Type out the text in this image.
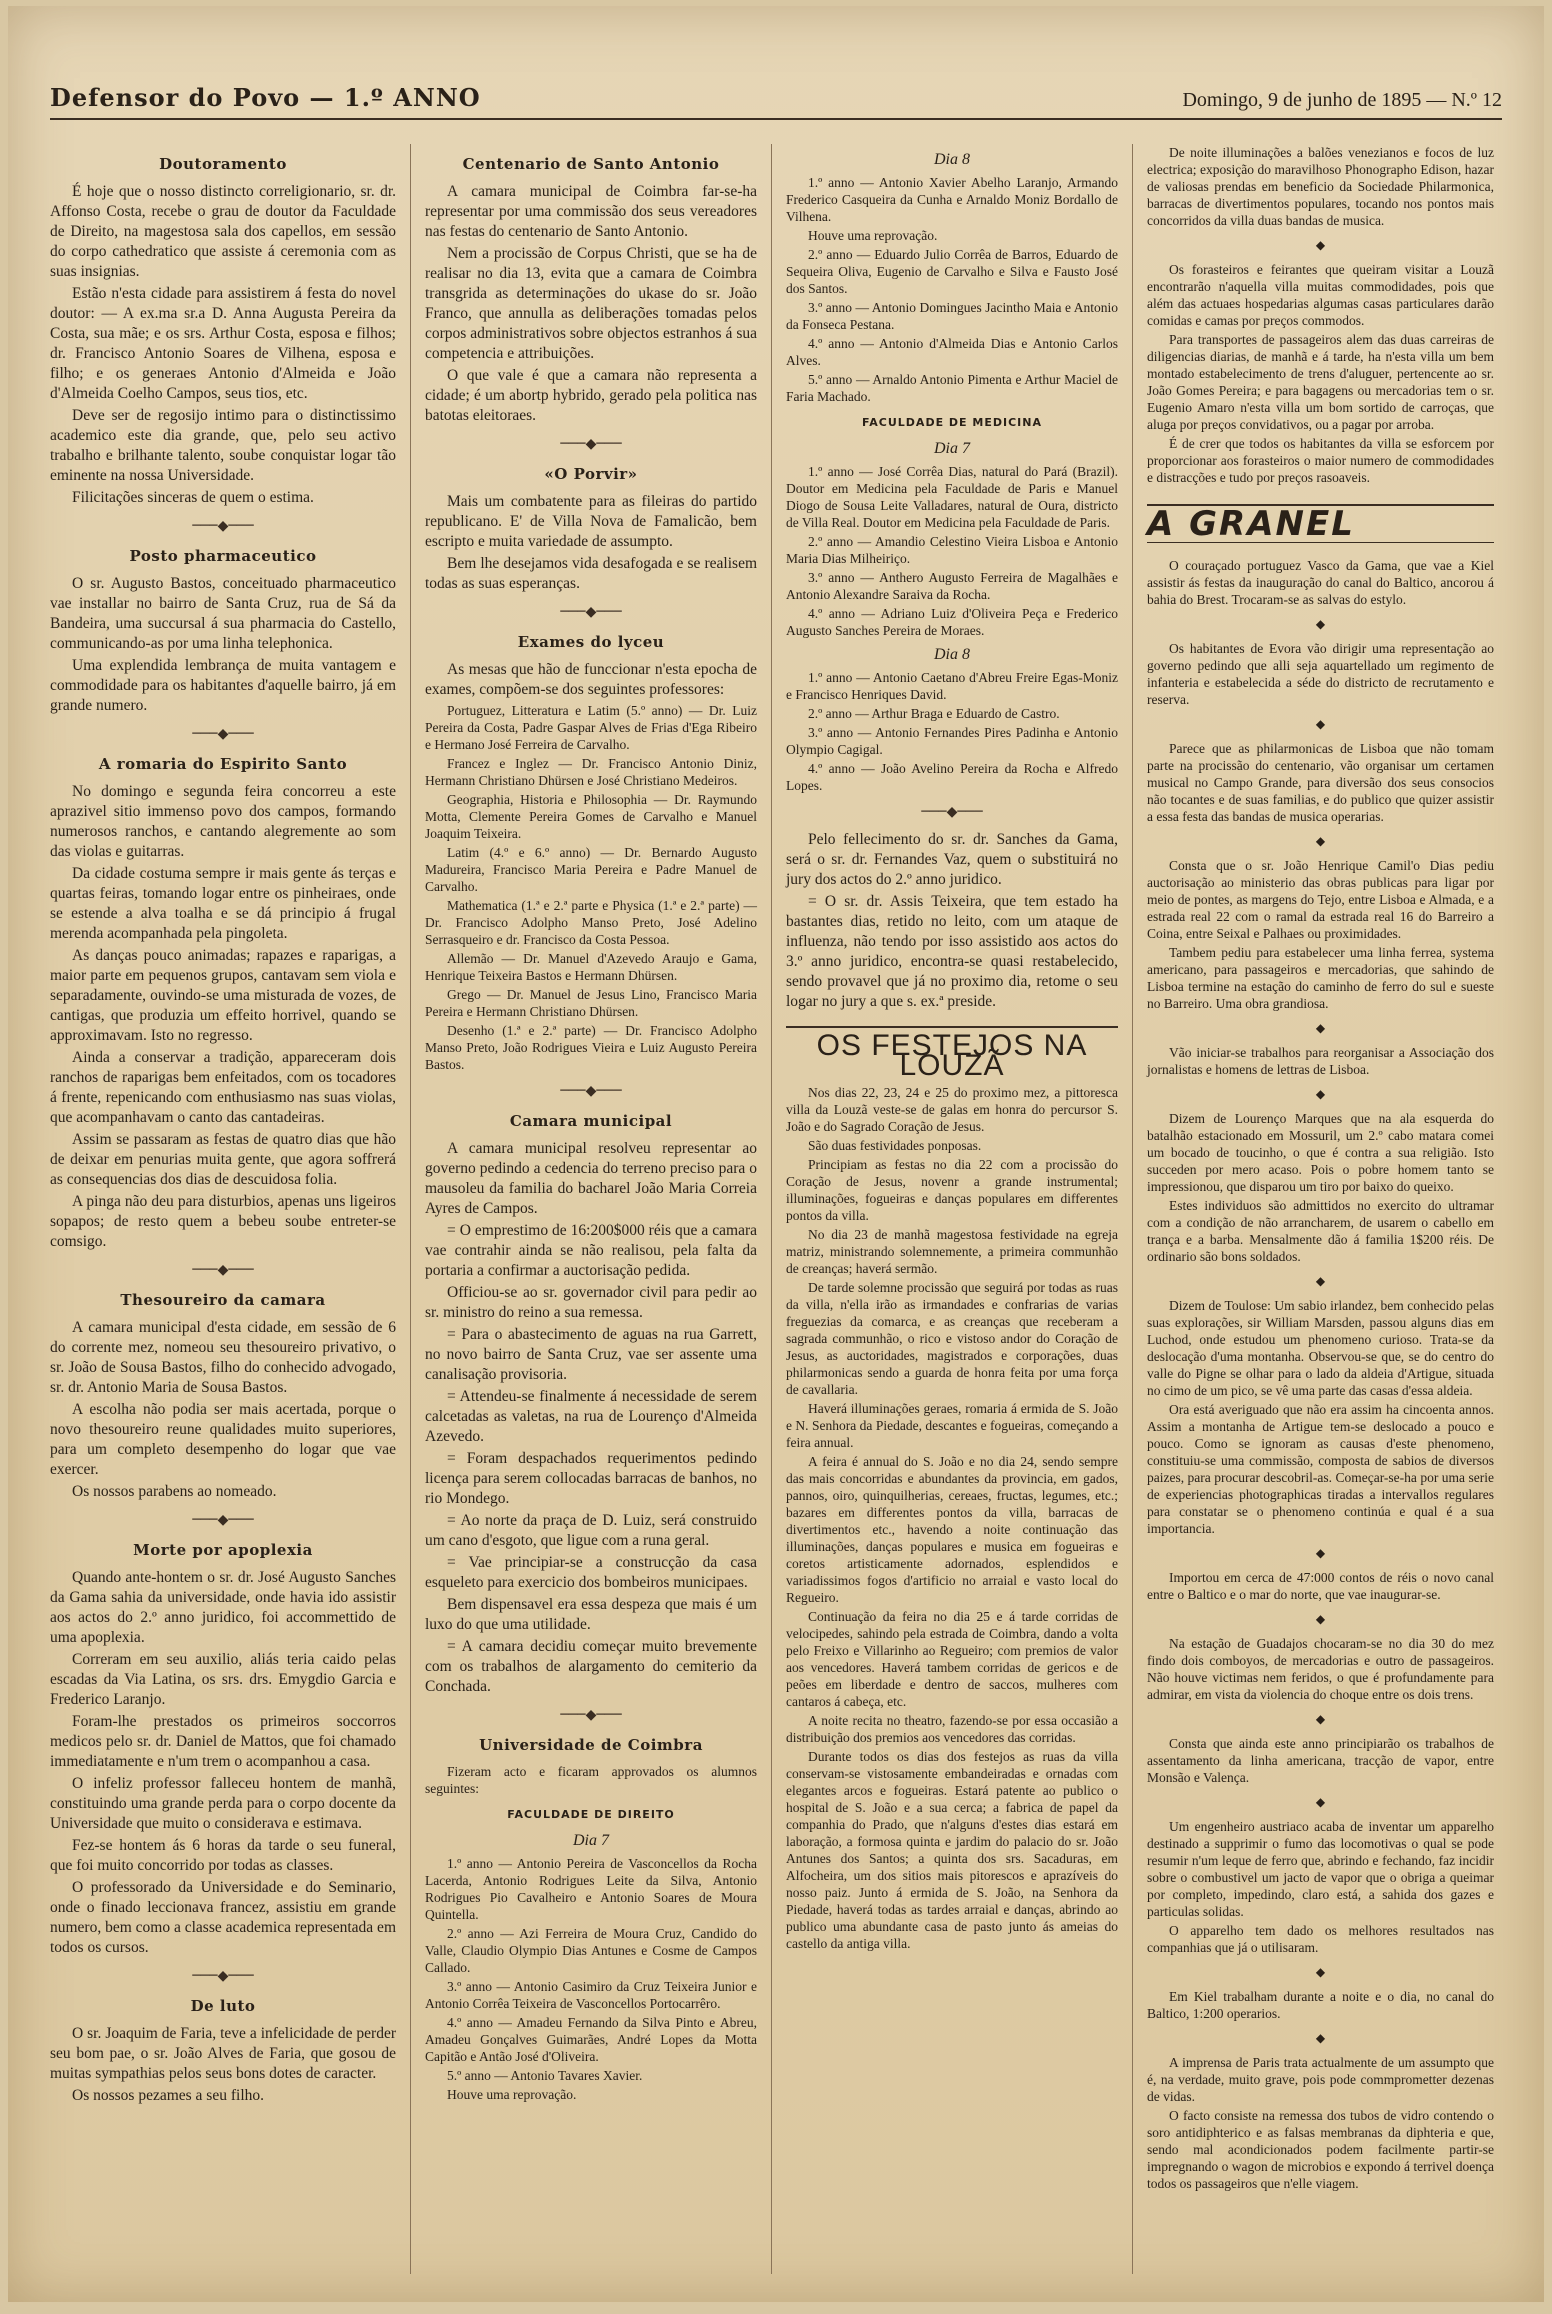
Defensor do Povo — 1.º ANNO	Domingo, 9 de junho de 1895 — N.º 12
Doutoramento

É hoje que o nosso distincto correligionario, sr. dr. Affonso Costa, recebe o grau de doutor da Faculdade de Direito, na magestosa sala dos capellos, em sessão do corpo cathedratico que assiste á ceremonia com as suas insignias.

Estão n'esta cidade para assistirem á festa do novel doutor: — A ex.ma sr.a D. Anna Augusta Pereira da Costa, sua mãe; e os srs. Arthur Costa, esposa e filhos; dr. Francisco Antonio Soares de Vilhena, esposa e filho; e os generaes Antonio d'Almeida e João d'Almeida Coelho Campos, seus tios, etc.

Deve ser de regosijo intimo para o distinctissimo academico este dia grande, que, pelo seu activo trabalho e brilhante talento, soube conquistar logar tão eminente na nossa Universidade.

Filicitações sinceras de quem o estima.

───◆───
Posto pharmaceutico

O sr. Augusto Bastos, conceituado pharmaceutico vae installar no bairro de Santa Cruz, rua de Sá da Bandeira, uma succursal á sua pharmacia do Castello, communicando-as por uma linha telephonica.

Uma explendida lembrança de muita vantagem e commodidade para os habitantes d'aquelle bairro, já em grande numero.

───◆───
A romaria do Espirito Santo

No domingo e segunda feira concorreu a este aprazivel sitio immenso povo dos campos, formando numerosos ranchos, e cantando alegremente ao som das violas e guitarras.

Da cidade costuma sempre ir mais gente ás terças e quartas feiras, tomando logar entre os pinheiraes, onde se estende a alva toalha e se dá principio á frugal merenda acompanhada pela pingoleta.

As danças pouco animadas; rapazes e raparigas, a maior parte em pequenos grupos, cantavam sem viola e separadamente, ouvindo-se uma misturada de vozes, de cantigas, que produzia um effeito horrivel, quando se approximavam. Isto no regresso.

Ainda a conservar a tradição, appareceram dois ranchos de raparigas bem enfeitados, com os tocadores á frente, repenicando com enthusiasmo nas suas violas, que acompanhavam o canto das cantadeiras.

Assim se passaram as festas de quatro dias que hão de deixar em penurias muita gente, que agora soffrerá as consequencias dos dias de descuidosa folia.

A pinga não deu para disturbios, apenas uns ligeiros sopapos; de resto quem a bebeu soube entreter-se comsigo.

───◆───
Thesoureiro da camara

A camara municipal d'esta cidade, em sessão de 6 do corrente mez, nomeou seu thesoureiro privativo, o sr. João de Sousa Bastos, filho do conhecido advogado, sr. dr. Antonio Maria de Sousa Bastos.

A escolha não podia ser mais acertada, porque o novo thesoureiro reune qualidades muito superiores, para um completo desempenho do logar que vae exercer.

Os nossos parabens ao nomeado.

───◆───
Morte por apoplexia

Quando ante-hontem o sr. dr. José Augusto Sanches da Gama sahia da universidade, onde havia ido assistir aos actos do 2.º anno juridico, foi accommettido de uma apoplexia.

Correram em seu auxilio, aliás teria caido pelas escadas da Via Latina, os srs. drs. Emygdio Garcia e Frederico Laranjo.

Foram-lhe prestados os primeiros soccorros medicos pelo sr. dr. Daniel de Mattos, que foi chamado immediatamente e n'um trem o acompanhou a casa.

O infeliz professor falleceu hontem de manhã, constituindo uma grande perda para o corpo docente da Universidade que muito o considerava e estimava.

Fez-se hontem ás 6 horas da tarde o seu funeral, que foi muito concorrido por todas as classes.

O professorado da Universidade e do Seminario, onde o finado leccionava francez, assistiu em grande numero, bem como a classe academica representada em todos os cursos.

───◆───
De luto

O sr. Joaquim de Faria, teve a infelicidade de perder seu bom pae, o sr. João Alves de Faria, que gosou de muitas sympathias pelos seus bons dotes de caracter.

Os nossos pezames a seu filho.

Centenario de Santo Antonio

A camara municipal de Coimbra far-se-ha representar por uma commissão dos seus vereadores nas festas do centenario de Santo Antonio.

Nem a procissão de Corpus Christi, que se ha de realisar no dia 13, evita que a camara de Coimbra transgrida as determinações do ukase do sr. João Franco, que annulla as deliberações tomadas pelos corpos administrativos sobre objectos estranhos á sua competencia e attribuições.

O que vale é que a camara não representa a cidade; é um abortp hybrido, gerado pela politica nas batotas eleitoraes.

───◆───
«O Porvir»

Mais um combatente para as fileiras do partido republicano. E' de Villa Nova de Famalicão, bem escripto e muita variedade de assumpto.

Bem lhe desejamos vida desafogada e se realisem todas as suas esperanças.

───◆───
Exames do lyceu

As mesas que hão de funccionar n'esta epocha de exames, compõem-se dos seguintes professores:

Portuguez, Litteratura e Latim (5.º anno) — Dr. Luiz Pereira da Costa, Padre Gaspar Alves de Frias d'Ega Ribeiro e Hermano José Ferreira de Carvalho.

Francez e Inglez — Dr. Francisco Antonio Diniz, Hermann Christiano Dhürsen e José Christiano Medeiros.

Geographia, Historia e Philosophia — Dr. Raymundo Motta, Clemente Pereira Gomes de Carvalho e Manuel Joaquim Teixeira.

Latim (4.º e 6.º anno) — Dr. Bernardo Augusto Madureira, Francisco Maria Pereira e Padre Manuel de Carvalho.

Mathematica (1.ª e 2.ª parte e Physica (1.ª e 2.ª parte) — Dr. Francisco Adolpho Manso Preto, José Adelino Serrasqueiro e dr. Francisco da Costa Pessoa.

Allemão — Dr. Manuel d'Azevedo Araujo e Gama, Henrique Teixeira Bastos e Hermann Dhürsen.

Grego — Dr. Manuel de Jesus Lino, Francisco Maria Pereira e Hermann Christiano Dhürsen.

Desenho (1.ª e 2.ª parte) — Dr. Francisco Adolpho Manso Preto, João Rodrigues Vieira e Luiz Augusto Pereira Bastos.

───◆───
Camara municipal

A camara municipal resolveu representar ao governo pedindo a cedencia do terreno preciso para o mausoleu da familia do bacharel João Maria Correia Ayres de Campos.

= O emprestimo de 16:200$000 réis que a camara vae contrahir ainda se não realisou, pela falta da portaria a confirmar a auctorisação pedida.

Officiou-se ao sr. governador civil para pedir ao sr. ministro do reino a sua remessa.

= Para o abastecimento de aguas na rua Garrett, no novo bairro de Santa Cruz, vae ser assente uma canalisação provisoria.

= Attendeu-se finalmente á necessidade de serem calcetadas as valetas, na rua de Lourenço d'Almeida Azevedo.

= Foram despachados requerimentos pedindo licença para serem collocadas barracas de banhos, no rio Mondego.

= Ao norte da praça de D. Luiz, será construido um cano d'esgoto, que ligue com a runa geral.

= Vae principiar-se a construcção da casa esqueleto para exercicio dos bombeiros municipaes.

Bem dispensavel era essa despeza que mais é um luxo do que uma utilidade.

= A camara decidiu começar muito brevemente com os trabalhos de alargamento do cemiterio da Conchada.

───◆───
Universidade de Coimbra

Fizeram acto e ficaram approvados os alumnos seguintes:

FACULDADE DE DIREITO
Dia 7

1.º anno — Antonio Pereira de Vasconcellos da Rocha Lacerda, Antonio Rodrigues Leite da Silva, Antonio Rodrigues Pio Cavalheiro e Antonio Soares de Moura Quintella.

2.º anno — Azi Ferreira de Moura Cruz, Candido do Valle, Claudio Olympio Dias Antunes e Cosme de Campos Callado.

3.º anno — Antonio Casimiro da Cruz Teixeira Junior e Antonio Corrêa Teixeira de Vasconcellos Portocarrêro.

4.º anno — Amadeu Fernando da Silva Pinto e Abreu, Amadeu Gonçalves Guimarães, André Lopes da Motta Capitão e Antão José d'Oliveira.

5.º anno — Antonio Tavares Xavier.

Houve uma reprovação.

Dia 8

1.º anno — Antonio Xavier Abelho Laranjo, Armando Frederico Casqueira da Cunha e Arnaldo Moniz Bordallo de Vilhena.

Houve uma reprovação.

2.º anno — Eduardo Julio Corrêa de Barros, Eduardo de Sequeira Oliva, Eugenio de Carvalho e Silva e Fausto José dos Santos.

3.º anno — Antonio Domingues Jacintho Maia e Antonio da Fonseca Pestana.

4.º anno — Antonio d'Almeida Dias e Antonio Carlos Alves.

5.º anno — Arnaldo Antonio Pimenta e Arthur Maciel de Faria Machado.

FACULDADE DE MEDICINA
Dia 7

1.º anno — José Corrêa Dias, natural do Pará (Brazil). Doutor em Medicina pela Faculdade de Paris e Manuel Diogo de Sousa Leite Valladares, natural de Oura, districto de Villa Real. Doutor em Medicina pela Faculdade de Paris.

2.º anno — Amandio Celestino Vieira Lisboa e Antonio Maria Dias Milheiriço.

3.º anno — Anthero Augusto Ferreira de Magalhães e Antonio Alexandre Saraiva da Rocha.

4.º anno — Adriano Luiz d'Oliveira Peça e Frederico Augusto Sanches Pereira de Moraes.

Dia 8

1.º anno — Antonio Caetano d'Abreu Freire Egas-Moniz e Francisco Henriques David.

2.º anno — Arthur Braga e Eduardo de Castro.

3.º anno — Antonio Fernandes Pires Padinha e Antonio Olympio Cagigal.

4.º anno — João Avelino Pereira da Rocha e Alfredo Lopes.

───◆───

Pelo fellecimento do sr. dr. Sanches da Gama, será o sr. dr. Fernandes Vaz, quem o substituirá no jury dos actos do 2.º anno juridico.

= O sr. dr. Assis Teixeira, que tem estado ha bastantes dias, retido no leito, com um ataque de influenza, não tendo por isso assistido aos actos do 3.º anno juridico, encontra-se quasi restabelecido, sendo provavel que já no proximo dia, retome o seu logar no jury a que s. ex.ª preside.

OS FESTEJOS NA LOUZÃ

Nos dias 22, 23, 24 e 25 do proximo mez, a pittoresca villa da Louzã veste-se de galas em honra do percursor S. João e do Sagrado Coração de Jesus.

São duas festividades ponposas.

Principiam as festas no dia 22 com a procissão do Coração de Jesus, novenr a grande instrumental; illuminações, fogueiras e danças populares em differentes pontos da villa.

No dia 23 de manhã magestosa festividade na egreja matriz, ministrando solemnemente, a primeira communhão de creanças; haverá sermão.

De tarde solemne procissão que seguirá por todas as ruas da villa, n'ella irão as irmandades e confrarias de varias freguezias da comarca, e as creanças que receberam a sagrada communhão, o rico e vistoso andor do Coração de Jesus, as auctoridades, magistrados e corporações, duas philarmonicas sendo a guarda de honra feita por uma força de cavallaria.

Haverá illuminações geraes, romaria á ermida de S. João e N. Senhora da Piedade, descantes e fogueiras, começando a feira annual.

A feira é annual do S. João e no dia 24, sendo sempre das mais concorridas e abundantes da provincia, em gados, pannos, oiro, quinquilherias, cereaes, fructas, legumes, etc.; bazares em differentes pontos da villa, barracas de divertimentos etc., havendo a noite continuação das illuminações, danças populares e musica em fogueiras e coretos artisticamente adornados, esplendidos e variadissimos fogos d'artificio no arraial e vasto local do Regueiro.

Continuação da feira no dia 25 e á tarde corridas de velocipedes, sahindo pela estrada de Coimbra, dando a volta pelo Freixo e Villarinho ao Regueiro; com premios de valor aos vencedores. Haverá tambem corridas de gericos e de peões em liberdade e dentro de saccos, mulheres com cantaros á cabeça, etc.

A noite recita no theatro, fazendo-se por essa occasião a distribuição dos premios aos vencedores das corridas.

Durante todos os dias dos festejos as ruas da villa conservam-se vistosamente embandeiradas e ornadas com elegantes arcos e fogueiras. Estará patente ao publico o hospital de S. João e a sua cerca; a fabrica de papel da companhia do Prado, que n'alguns d'estes dias estará em laboração, a formosa quinta e jardim do palacio do sr. João Antunes dos Santos; a quinta dos srs. Sacaduras, em Alfocheira, um dos sitios mais pitorescos e aprazíveis do nosso paiz. Junto á ermida de S. João, na Senhora da Piedade, haverá todas as tardes arraial e danças, abrindo ao publico uma abundante casa de pasto junto ás ameias do castello da antiga villa.

De noite illuminações a balões venezianos e focos de luz electrica; exposição do maravilhoso Phonographo Edison, hazar de valiosas prendas em beneficio da Sociedade Philarmonica, barracas de divertimentos populares, tocando nos pontos mais concorridos da villa duas bandas de musica.

◆

Os forasteiros e feirantes que queiram visitar a Louzã encontrarão n'aquella villa muitas commodidades, pois que além das actuaes hospedarias algumas casas particulares darão comidas e camas por preços commodos.

Para transportes de passageiros alem das duas carreiras de diligencias diarias, de manhã e á tarde, ha n'esta villa um bem montado estabelecimento de trens d'aluguer, pertencente ao sr. João Gomes Pereira; e para bagagens ou mercadorias tem o sr. Eugenio Amaro n'esta villa um bom sortido de carroças, que aluga por preços convidativos, ou a pagar por arroba.

É de crer que todos os habitantes da villa se esforcem por proporcionar aos forasteiros o maior numero de commodidades e distracções e tudo por preços rasoaveis.

A GRANEL

O couraçado portuguez Vasco da Gama, que vae a Kiel assistir ás festas da inauguração do canal do Baltico, ancorou á bahia do Brest. Trocaram-se as salvas do estylo.

◆

Os habitantes de Evora vão dirigir uma representação ao governo pedindo que alli seja aquartellado um regimento de infanteria e estabelecida a séde do districto de recrutamento e reserva.

◆

Parece que as philarmonicas de Lisboa que não tomam parte na procissão do centenario, vão organisar um certamen musical no Campo Grande, para diversão dos seus consocios não tocantes e de suas familias, e do publico que quizer assistir a essa festa das bandas de musica operarias.

◆

Consta que o sr. João Henrique Camil'o Dias pediu auctorisação ao ministerio das obras publicas para ligar por meio de pontes, as margens do Tejo, entre Lisboa e Almada, e a estrada real 22 com o ramal da estrada real 16 do Barreiro a Coina, entre Seixal e Palhaes ou proximidades.

Tambem pediu para estabelecer uma linha ferrea, systema americano, para passageiros e mercadorias, que sahindo de Lisboa termine na estação do caminho de ferro do sul e sueste no Barreiro. Uma obra grandiosa.

◆

Vão iniciar-se trabalhos para reorganisar a Associação dos jornalistas e homens de lettras de Lisboa.

◆

Dizem de Lourenço Marques que na ala esquerda do batalhão estacionado em Mossuril, um 2.º cabo matara comei um bocado de toucinho, o que é contra a sua religião. Isto succeden por mero acaso. Pois o pobre homem tanto se impressionou, que disparou um tiro por baixo do queixo.

Estes individuos são admittidos no exercito do ultramar com a condição de não arrancharem, de usarem o cabello em trança e a barba. Mensalmente dão á familia 1$200 réis. De ordinario são bons soldados.

◆

Dizem de Toulose: Um sabio irlandez, bem conhecido pelas suas explorações, sir William Marsden, passou alguns dias em Luchod, onde estudou um phenomeno curioso. Trata-se da deslocação d'uma montanha. Observou-se que, se do centro do valle do Pigne se olhar para o lado da aldeia d'Artigue, situada no cimo de um pico, se vê uma parte das casas d'essa aldeia.

Ora está averiguado que não era assim ha cincoenta annos. Assim a montanha de Artigue tem-se deslocado a pouco e pouco. Como se ignoram as causas d'este phenomeno, constituiu-se uma commissão, composta de sabios de diversos paizes, para procurar descobril-as. Começar-se-ha por uma serie de experiencias photographicas tiradas a intervallos regulares para constatar se o phenomeno continúa e qual é a sua importancia.

◆

Importou em cerca de 47:000 contos de réis o novo canal entre o Baltico e o mar do norte, que vae inaugurar-se.

◆

Na estação de Guadajos chocaram-se no dia 30 do mez findo dois comboyos, de mercadorias e outro de passageiros. Não houve victimas nem feridos, o que é profundamente para admirar, em vista da violencia do choque entre os dois trens.

◆

Consta que ainda este anno principiarão os trabalhos de assentamento da linha americana, tracção de vapor, entre Monsão e Valença.

◆

Um engenheiro austriaco acaba de inventar um apparelho destinado a supprimir o fumo das locomotivas o qual se pode resumir n'um leque de ferro que, abrindo e fechando, faz incidir sobre o combustivel um jacto de vapor que o obriga a queimar por completo, impedindo, claro está, a sahida dos gazes e particulas solidas.

O apparelho tem dado os melhores resultados nas companhias que já o utilisaram.

◆

Em Kiel trabalham durante a noite e o dia, no canal do Baltico, 1:200 operarios.

◆

A imprensa de Paris trata actualmente de um assumpto que é, na verdade, muito grave, pois pode commprometter dezenas de vidas.

O facto consiste na remessa dos tubos de vidro contendo o soro antidiphterico e as falsas membranas da diphteria e que, sendo mal acondicionados podem facilmente partir-se impregnando o wagon de microbios e expondo á terrivel doença todos os passageiros que n'elle viagem.
